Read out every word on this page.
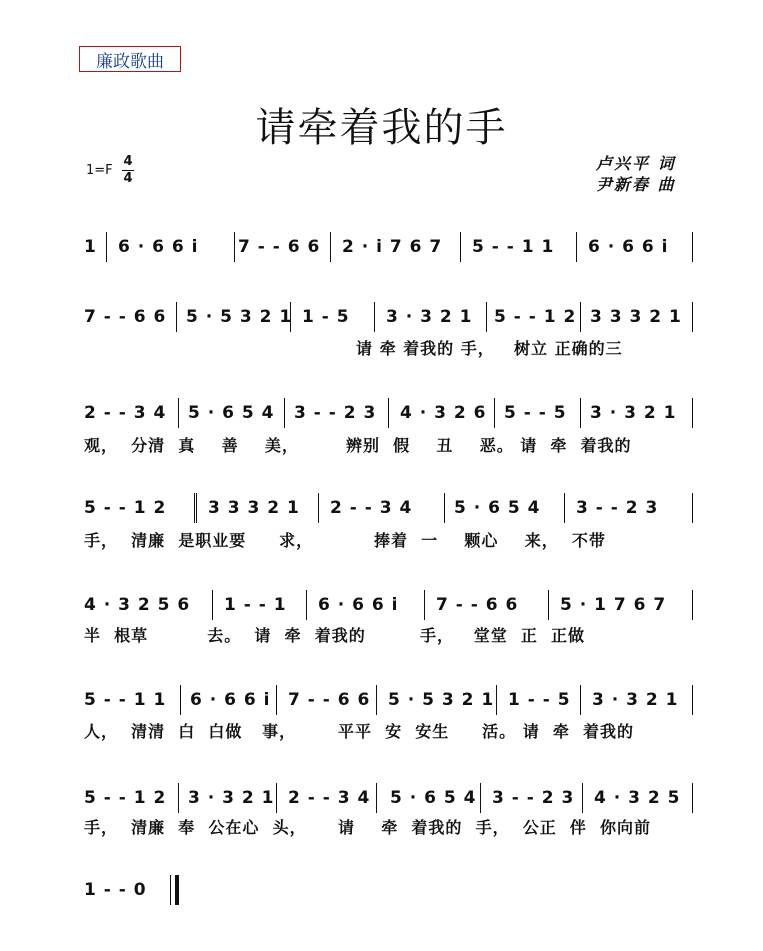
廉政歌曲
请牵着我的手
1=F
4
4
卢兴平 词
尹新春 曲
1 6 · 6 6 i 7 - - 6 6 2 · i 7 6 7 5 - - 1 1 6 · 6 6 i
7 - - 6 6 5 · 5 3 2 1 1 - 5 3 · 3 2 1 5 - - 1 2 3 3 3 2 1
请 牵 着我的 手， 树立 正确的三
2 - - 3 4 5 · 6 5 4 3 - - 2 3 4 · 3 2 6 5 - - 5 3 · 3 2 1
观，  分清  真    善    美，	辨别  假    丑    恶。 请  牵  着我的
5 - - 1 2 3 3 3 2 1 2 - - 3 4 5 · 6 5 4 3 - - 2 3
手，  清廉  是职业要     求，	捧着  一    颗心    来，  不带
4 · 3 2 5 6 1 - - 1 6 · 6 6 i 7 - - 6 6 5 · 1 7 6 7
半  根草         去。  请  牵  着我的	手，   堂堂  正  正做
5 - - 1 1 6 · 6 6 i 7 - - 6 6 5 · 5 3 2 1 1 - - 5 3 · 3 2 1
人，  清清  白  白做   事，	平平  安  安生     活。 请  牵  着我的
5 - - 1 2 3 · 3 2 1 2 - - 3 4 5 · 6 5 4 3 - - 2 3 4 · 3 2 5
手，  清廉  奉  公在心  头， 请    牵  着我的  手，  公正  伴  你向前
1 - - 0
